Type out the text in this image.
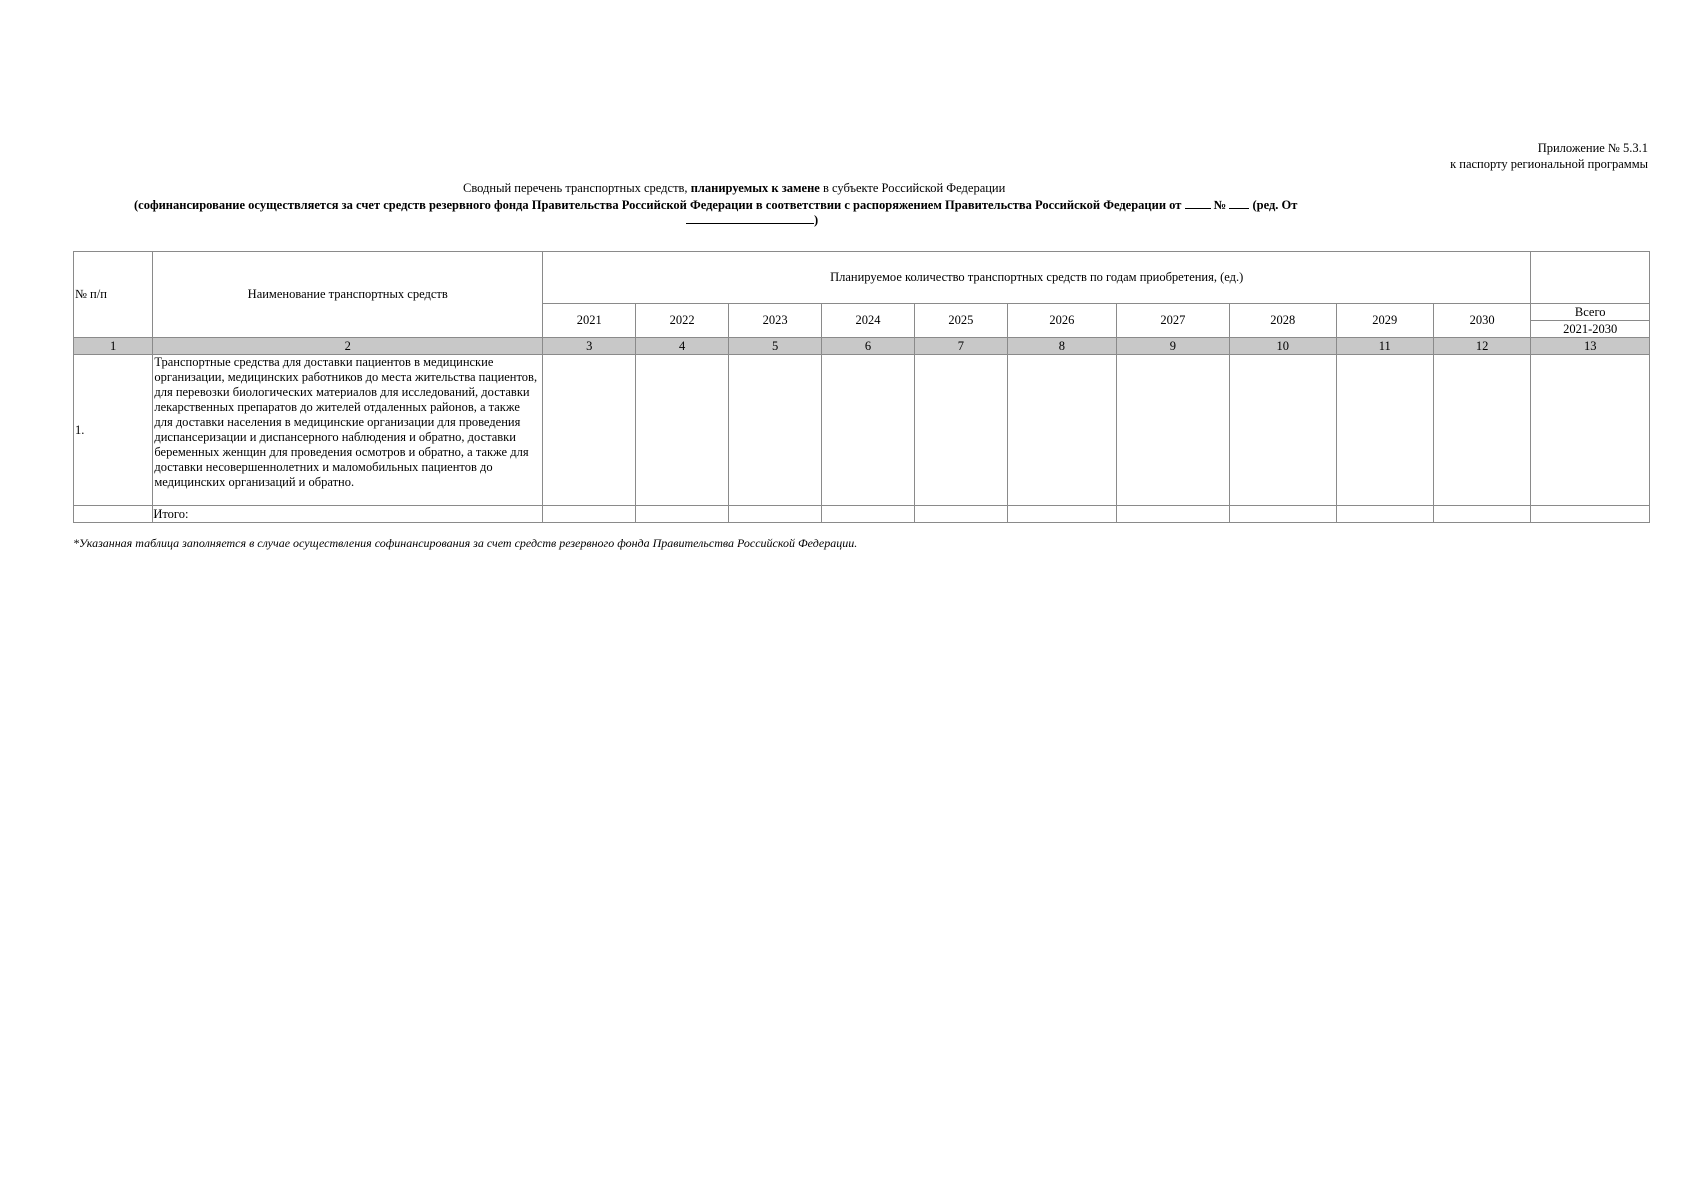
Приложение № 5.3.1
к паспорту региональной программы
Сводный перечень транспортных средств, планируемых к замене в субъекте Российской Федерации
(софинансирование осуществляется за счет средств резервного фонда Правительства Российской Федерации в соответствии с распоряжением Правительства Российской Федерации от  №  (ред. От
)
№ п/п	Наименование транспортных средств	Планируемое количество транспортных средств по годам приобретения, (ед.)										
		2021	2022	2023	2024	2025	2026	2027	2028	2029	2030	Всего
2021-2030

1	2	3	4	5	6	7	8	9	10	11	12	13
1.	Транспортные средства для доставки пациентов в медицинские организации, медицинских работников до места жительства пациентов, для перевозки биологических материалов для исследований, доставки лекарственных препаратов до жителей отдаленных районов, а также для доставки населения в медицинские организации для проведения диспансеризации и диспансерного наблюдения и обратно, доставки беременных женщин для проведения осмотров и обратно, а также для доставки несовершеннолетних и маломобильных пациентов до медицинских организаций и обратно.											
	Итого:											
*Указанная таблица заполняется в случае осуществления софинансирования за счет средств резервного фонда Правительства Российской Федерации.
